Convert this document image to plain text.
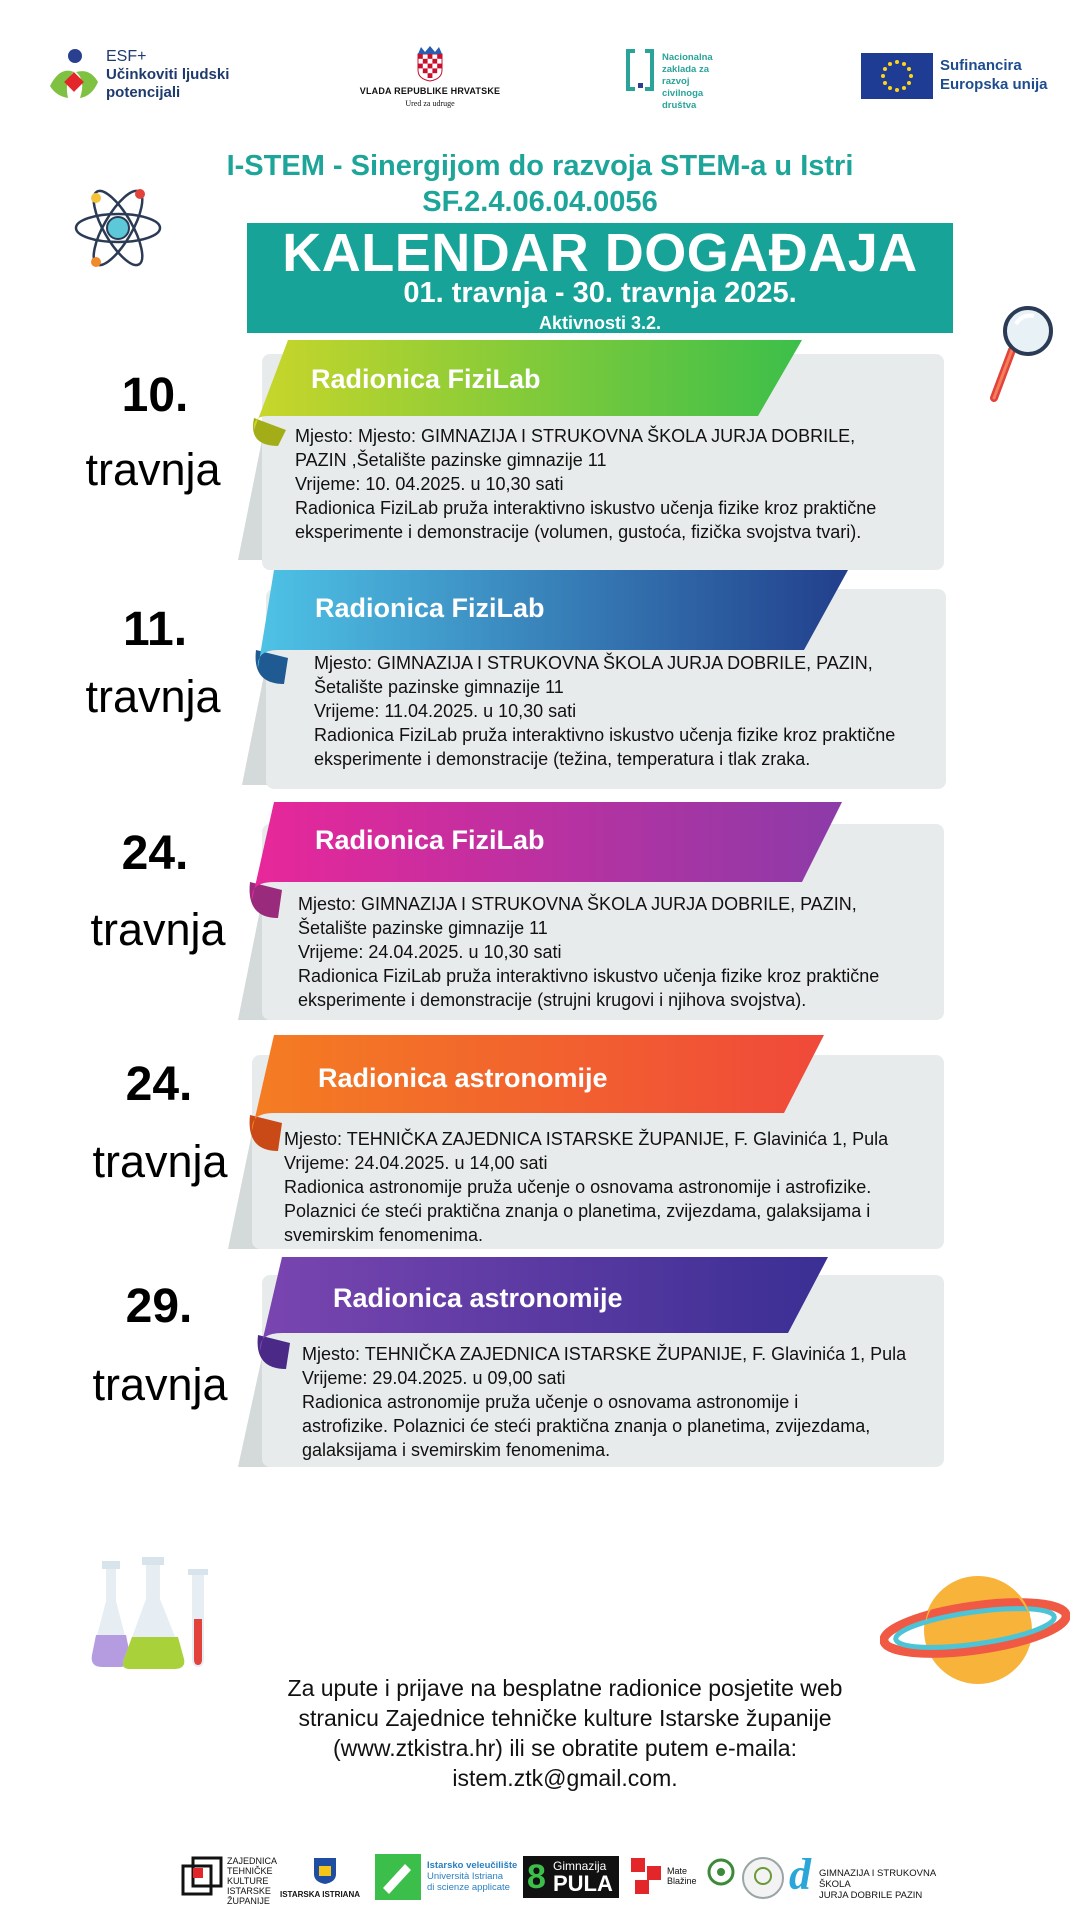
ESF+
Učinkoviti ljudski
potencijali	VLADA REPUBLIKE HRVATSKE
Ured za udruge
Nacionalna
zaklada za
razvoj
civilnoga
društva
Sufinancira
Europska unija
I-STEM - Sinergijom do razvoja STEM-a u Istri
SF.2.4.06.04.0056
KALENDAR DOGAĐAJA
01. travnja - 30. travnja 2025.
Aktivnosti 3.2.
10.
travnja
Radionica FiziLab
Mjesto: Mjesto: GIMNAZIJA I STRUKOVNA ŠKOLA JURJA DOBRILE,
PAZIN ,Šetalište pazinske gimnazije 11
Vrijeme: 10. 04.2025. u 10,30 sati
Radionica FiziLab pruža interaktivno iskustvo učenja fizike kroz praktične
eksperimente i demonstracije (volumen, gustoća, fizička svojstva tvari).
11.
travnja
Radionica FiziLab
Mjesto: GIMNAZIJA I STRUKOVNA ŠKOLA JURJA DOBRILE, PAZIN,
Šetalište pazinske gimnazije 11
Vrijeme: 11.04.2025. u 10,30 sati
Radionica FiziLab pruža interaktivno iskustvo učenja fizike kroz praktične
eksperimente i demonstracije (težina, temperatura i tlak zraka.
24.
travnja
Radionica FiziLab
Mjesto: GIMNAZIJA I STRUKOVNA ŠKOLA JURJA DOBRILE, PAZIN,
Šetalište pazinske gimnazije 11
Vrijeme: 24.04.2025. u 10,30 sati
Radionica FiziLab pruža interaktivno iskustvo učenja fizike kroz praktične
eksperimente i demonstracije (strujni krugovi i njihova svojstva).
24.
travnja
Radionica astronomije
Mjesto: TEHNIČKA ZAJEDNICA ISTARSKE ŽUPANIJE, F. Glavinića 1, Pula
Vrijeme: 24.04.2025. u 14,00 sati
Radionica astronomije pruža učenje o osnovama astronomije i astrofizike.
Polaznici će steći praktična znanja o planetima, zvijezdama, galaksijama i
svemirskim fenomenima.
29.
travnja
Radionica astronomije
Mjesto: TEHNIČKA ZAJEDNICA ISTARSKE ŽUPANIJE, F. Glavinića 1, Pula
Vrijeme: 29.04.2025. u 09,00 sati
Radionica astronomije pruža učenje o osnovama astronomije i
astrofizike. Polaznici će steći praktična znanja o planetima, zvijezdama,
galaksijama i svemirskim fenomenima.
Za upute i prijave na besplatne radionice posjetite web
stranicu Zajednice tehničke kulture Istarske županije
(www.ztkistra.hr) ili se obratite putem e-maila:
istem.ztk@gmail.com.
ZAJEDNICA
TEHNIČKE
KULTURE
ISTARSKE
ŽUPANIJE
ISTARSKA ISTRIANA
Istarsko veleučilište
Università Istriana
di scienze applicate 8 Gimnazija
PULA	Mate
Blažine d GIMNAZIJA I STRUKOVNA ŠKOLA
JURJA DOBRILE PAZIN
